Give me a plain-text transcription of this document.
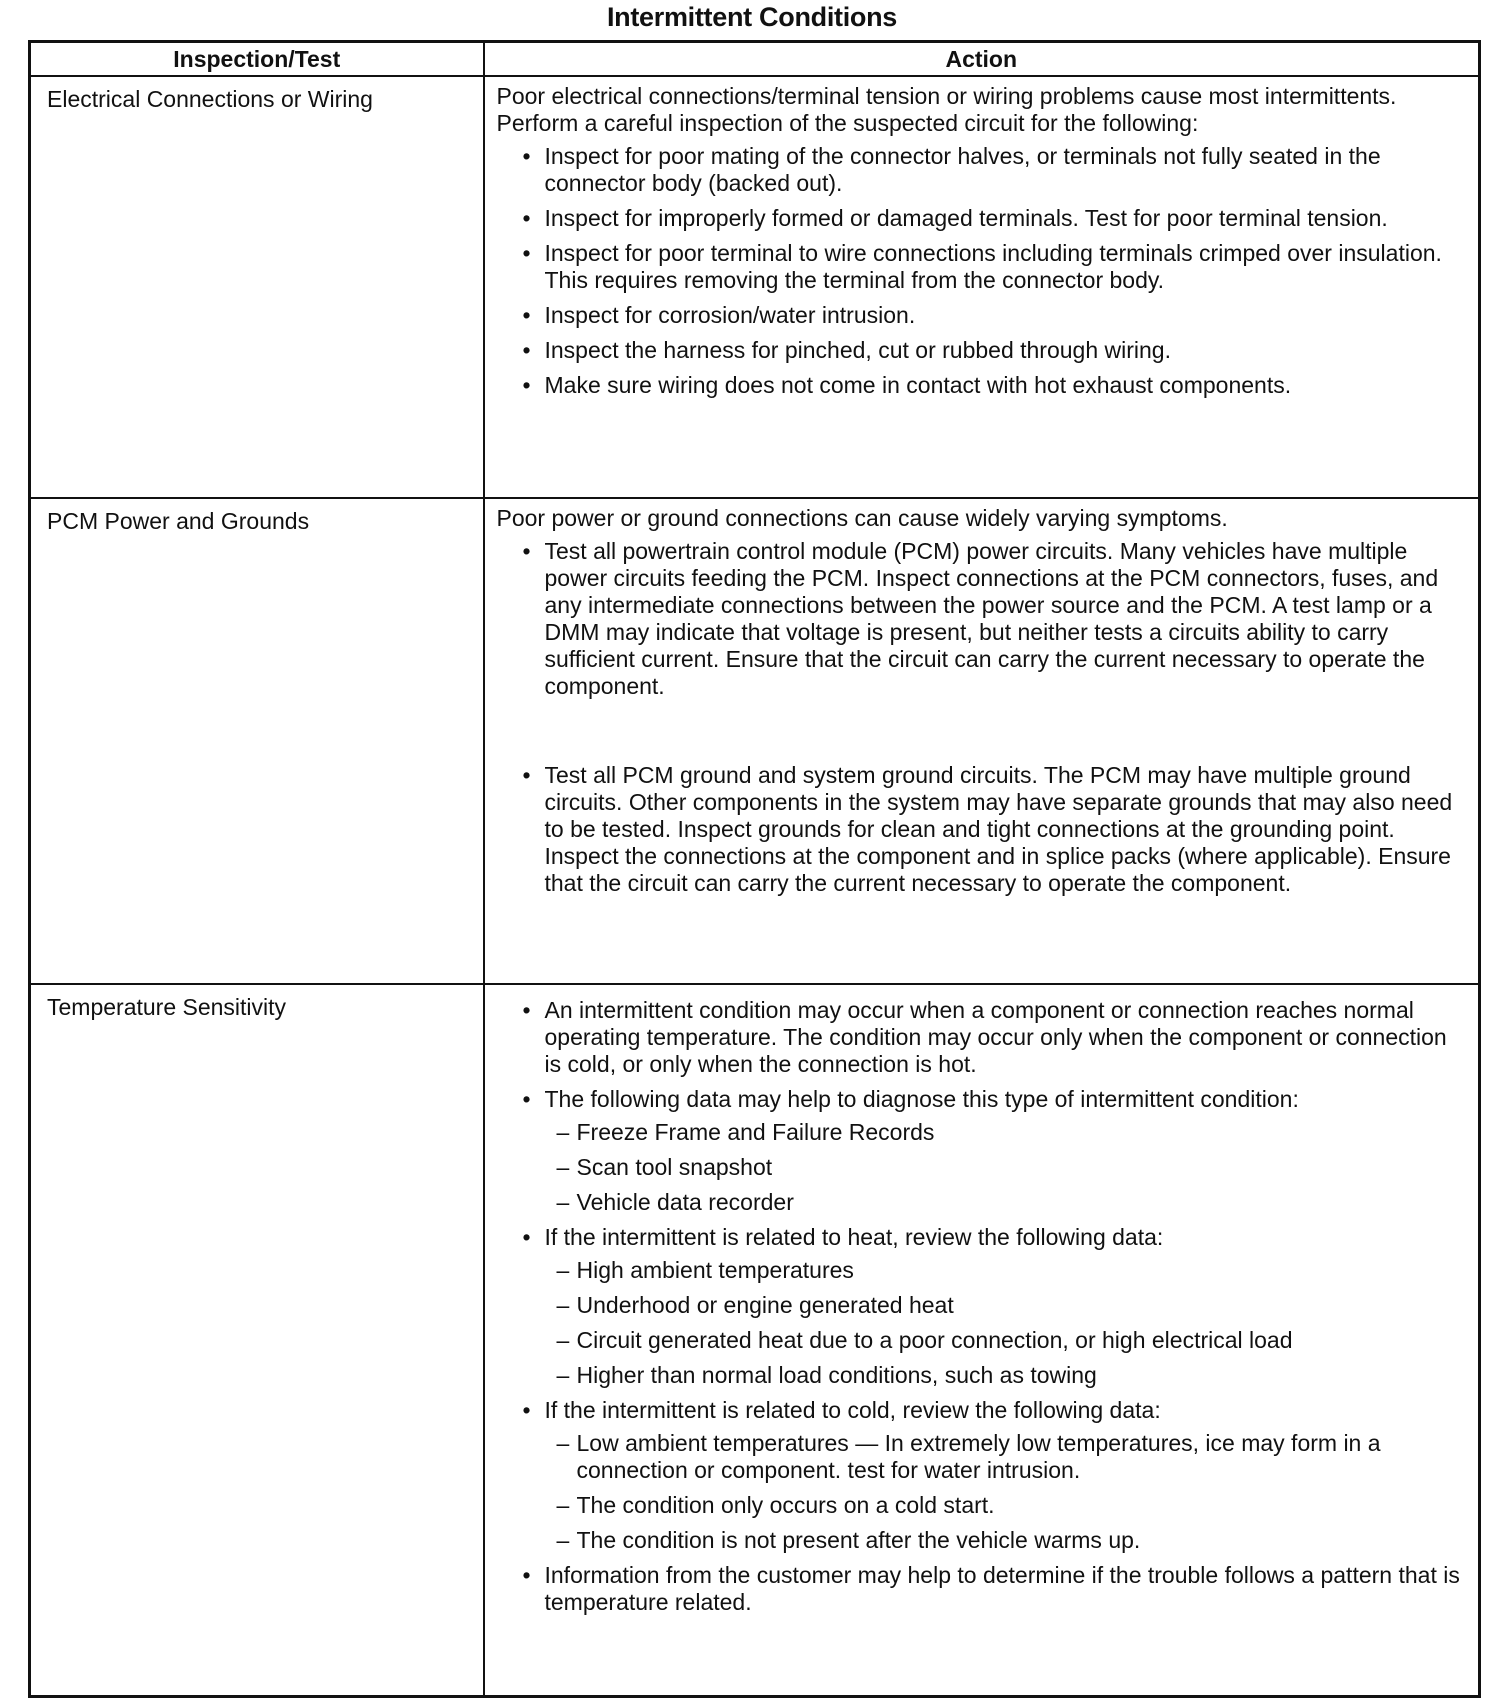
Intermittent Conditions
Inspection/Test	Action
Electrical Connections or Wiring	Poor electrical connections/terminal tension or wiring problems cause most intermittents. Perform a careful inspection of the suspected circuit for the following:
• Inspect for poor mating of the connector halves, or terminals not fully seated in the connector body (backed out).
• Inspect for improperly formed or damaged terminals. Test for poor terminal tension.
• Inspect for poor terminal to wire connections including terminals crimped over insulation. This requires removing the terminal from the connector body.
• Inspect for corrosion/water intrusion.
• Inspect the harness for pinched, cut or rubbed through wiring.
• Make sure wiring does not come in contact with hot exhaust components.

PCM Power and Grounds	Poor power or ground connections can cause widely varying symptoms.
• Test all powertrain control module (PCM) power circuits. Many vehicles have multiple power circuits feeding the PCM. Inspect connections at the PCM connectors, fuses, and any intermediate connections between the power source and the PCM. A test lamp or a DMM may indicate that voltage is present, but neither tests a circuits ability to carry sufficient current. Ensure that the circuit can carry the current necessary to operate the component.
• Test all PCM ground and system ground circuits. The PCM may have multiple ground circuits. Other components in the system may have separate grounds that may also need to be tested. Inspect grounds for clean and tight connections at the grounding point. Inspect the connections at the component and in splice packs (where applicable). Ensure that the circuit can carry the current necessary to operate the component.

Temperature Sensitivity	
•An intermittent condition may occur when a component or connection reaches normal operating temperature. The condition may occur only when the component or connection is cold, or only when the connection is hot.
• The following data may help to diagnose this type of intermittent condition:
– Freeze Frame and Failure Records
– Scan tool snapshot
– Vehicle data recorder
• If the intermittent is related to heat, review the following data:
– High ambient temperatures
– Underhood or engine generated heat
– Circuit generated heat due to a poor connection, or high electrical load
– Higher than normal load conditions, such as towing
• If the intermittent is related to cold, review the following data:
– Low ambient temperatures — In extremely low temperatures, ice may form in a connection or component. test for water intrusion.
– The condition only occurs on a cold start.
– The condition is not present after the vehicle warms up.
• Information from the customer may help to determine if the trouble follows a pattern that is temperature related.
